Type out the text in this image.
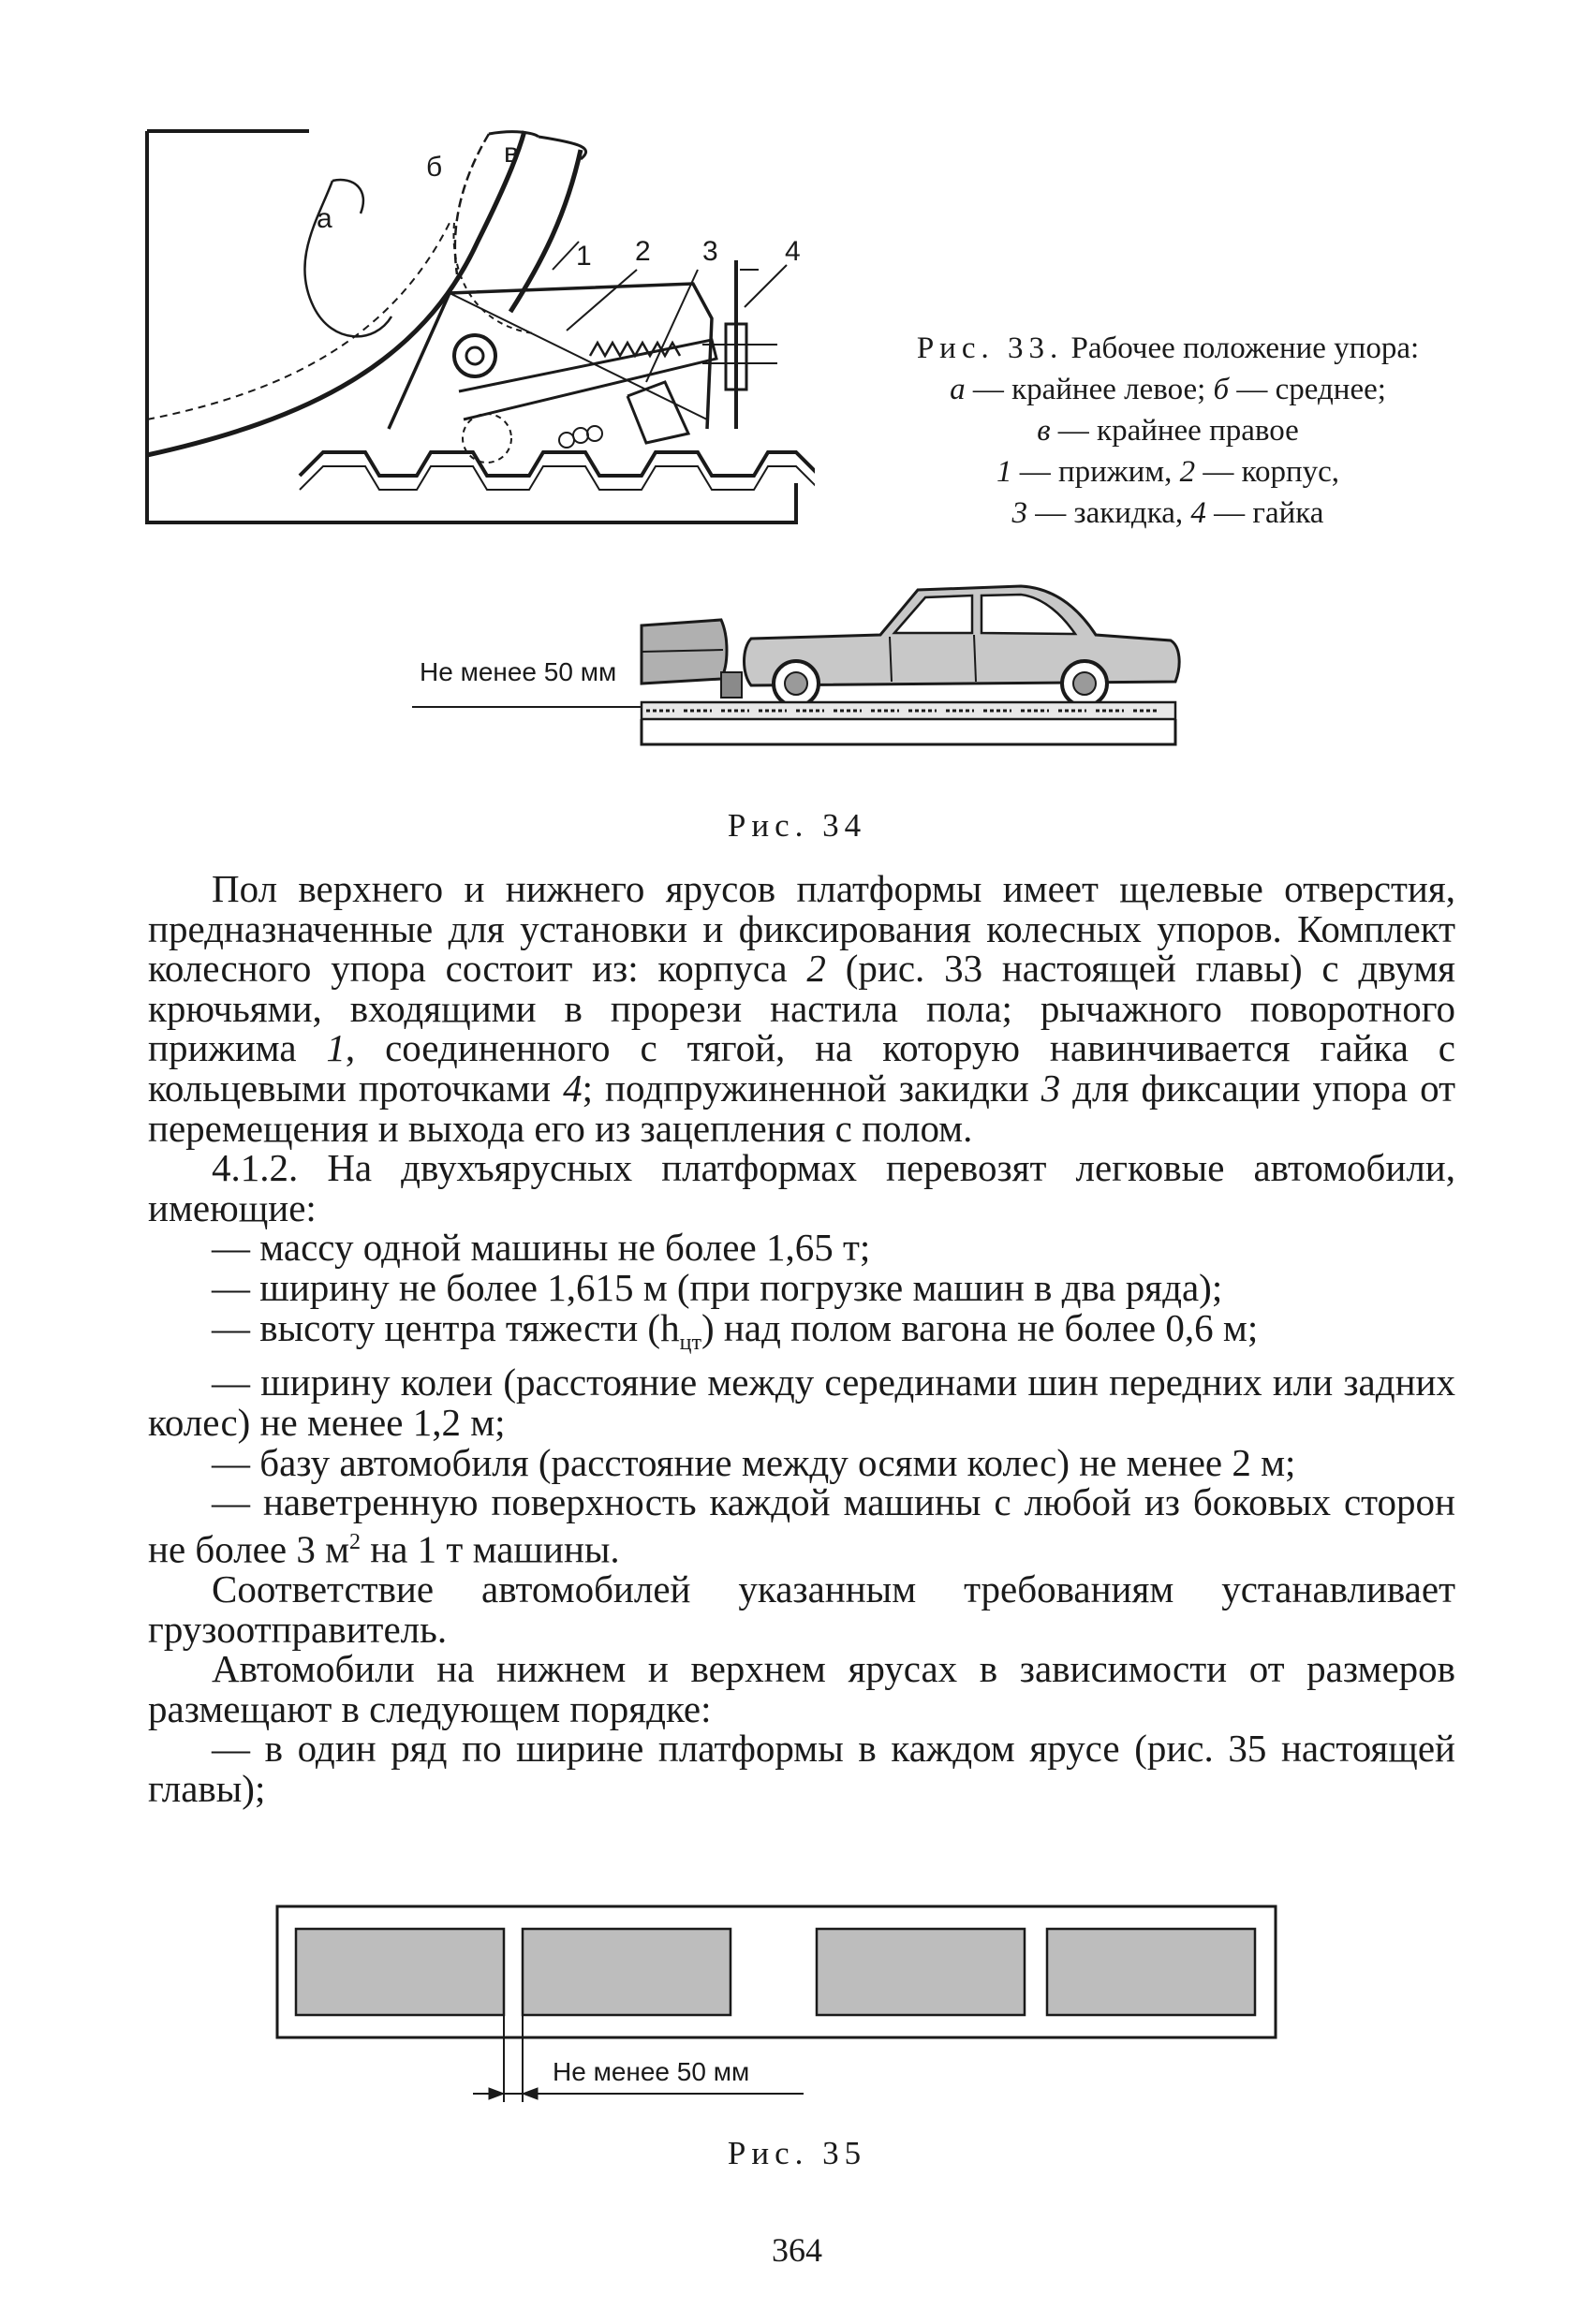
а
б в
1 2 3 4
Рис. 33. Рабочее положение упора:
а — крайнее левое; б — среднее;
в — крайнее правое
1 — прижим, 2 — корпус,
3 — закидка, 4 — гайка
Не менее 50 мм
Рис. 34

Пол верхнего и нижнего ярусов платформы имеет щелевые отверстия, предназначенные для установки и фиксирования колесных упоров. Комплект колесного упора состоит из: корпуса 2 (рис. 33 настоящей главы) с двумя крючьями, входящими в прорези настила пола; рычажного поворотного прижима 1, соединенного с тягой, на которую навинчивается гайка с кольцевыми проточками 4; подпружиненной закидки 3 для фиксации упора от перемещения и выхода его из зацепления с полом.

4.1.2. На двухъярусных платформах перевозят легковые автомобили, имеющие:

— массу одной машины не более 1,65 т;

— ширину не более 1,615 м (при погрузке машин в два ряда);

— высоту центра тяжести $(h_{цт})$ над полом вагона не более 0,6 м;

— ширину колеи (расстояние между серединами шин передних или задних колес) не менее 1,2 м;

— базу автомобиля (расстояние между осями колес) не менее 2 м;

— наветренную поверхность каждой машины с любой из боковых сторон не более 3 $м^2$ на 1 т машины.

Соответствие автомобилей указанным требованиям устанавливает грузоотправитель.

Автомобили на нижнем и верхнем ярусах в зависимости от размеров размещают в следующем порядке:

— в один ряд по ширине платформы в каждом ярусе (рис. 35 настоящей главы);

Не менее 50 мм
Рис. 35
364
